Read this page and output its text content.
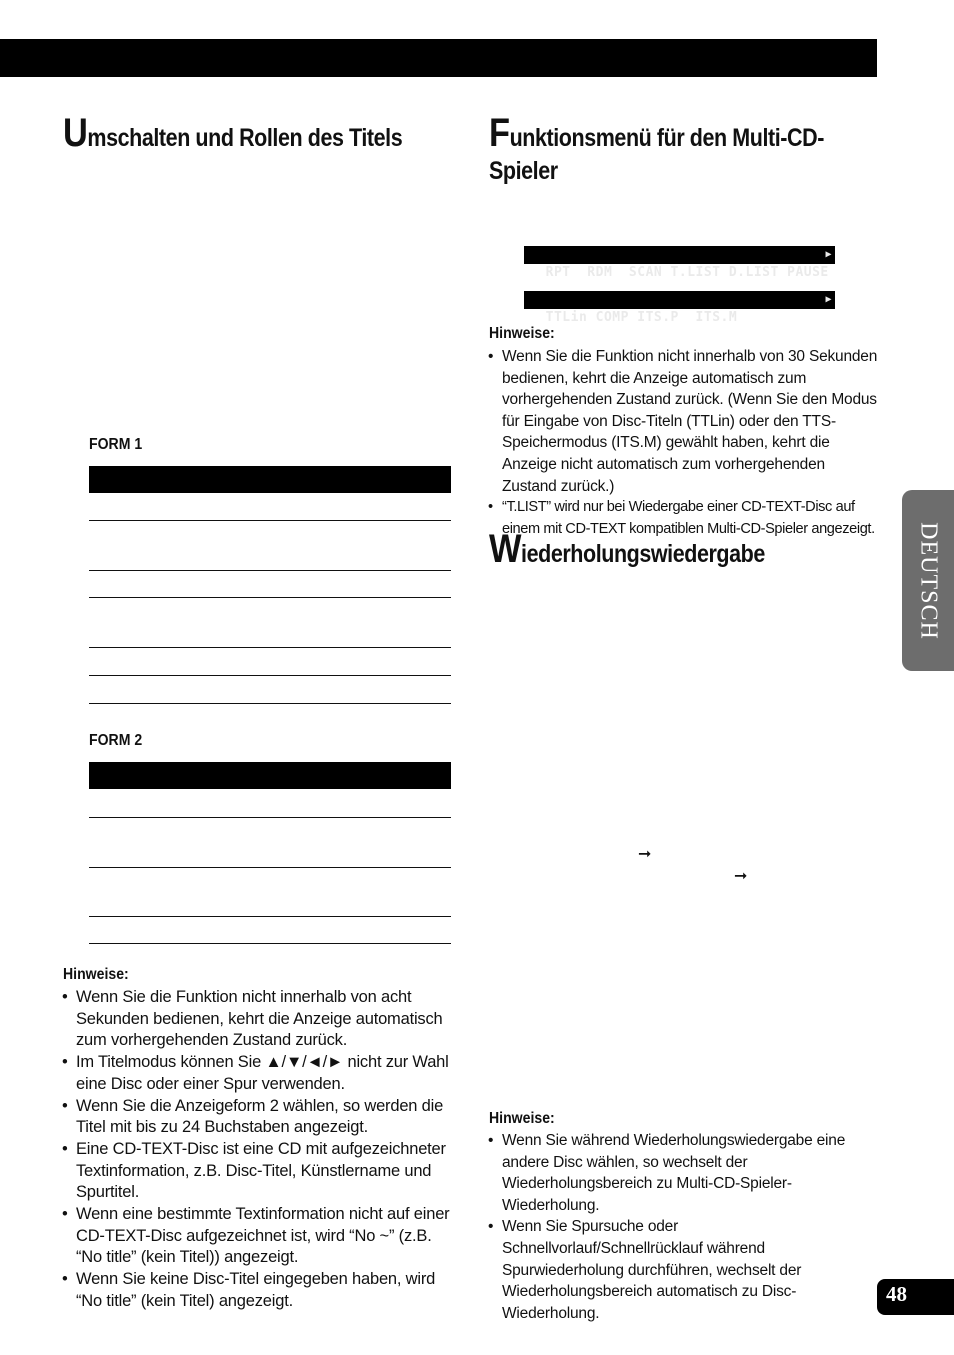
Umschalten und Rollen des Titels
FORM 1
FORM 2
Hinweise:
• Wenn Sie die Funktion nicht innerhalb von acht Sekunden bedienen, kehrt die Anzeige automatisch zum vorhergehenden Zustand zurück.
• Im Titelmodus können Sie ▲/▼/◄/► nicht zur Wahl eine Disc oder einer Spur verwenden.
• Wenn Sie die Anzeigeform 2 wählen, so werden die Titel mit bis zu 24 Buchstaben angezeigt.
• Eine CD-TEXT-Disc ist eine CD mit aufgezeichneter Textinformation, z.B. Disc-Titel, Künstlername und Spurtitel.
• Wenn eine bestimmte Textinformation nicht auf einer CD-TEXT-Disc aufgezeichnet ist, wird “No ~” (z.B. “No title” (kein Titel)) angezeigt.
• Wenn Sie keine Disc-Titel eingegeben haben, wird “No title” (kein Titel) angezeigt.
Funktionsmenü für den Multi-CD-
Spieler

RPT  RDM  SCAN T.LIST D.LIST PAUSE

▶

TTLin COMP ITS.P  ITS.M

▶

Hinweise:
• Wenn Sie die Funktion nicht innerhalb von 30 Sekunden bedienen, kehrt die Anzeige automatisch zum vorhergehenden Zustand zurück. (Wenn Sie den Modus für Eingabe von Disc-Titeln (TTLin) oder den TTS-Speichermodus (ITS.M) gewählt haben, kehrt die Anzeige nicht automatisch zum vorhergehenden Zustand zurück.)
• “T.LIST” wird nur bei Wiedergabe einer CD-TEXT-Disc auf einem mit CD-TEXT kompatiblen Multi-CD-Spieler angezeigt.
Wiederholungswiedergabe
➞
➞
Hinweise:
• Wenn Sie während Wiederholungswiedergabe eine andere Disc wählen, so wechselt der Wiederholungsbereich zu Multi-CD-Spieler-Wiederholung.
• Wenn Sie Spursuche oder Schnellvorlauf/Schnellrücklauf während Spurwiederholung durchführen, wechselt der Wiederholungsbereich automatisch zu Disc-Wiederholung.
DEUTSCH
48
